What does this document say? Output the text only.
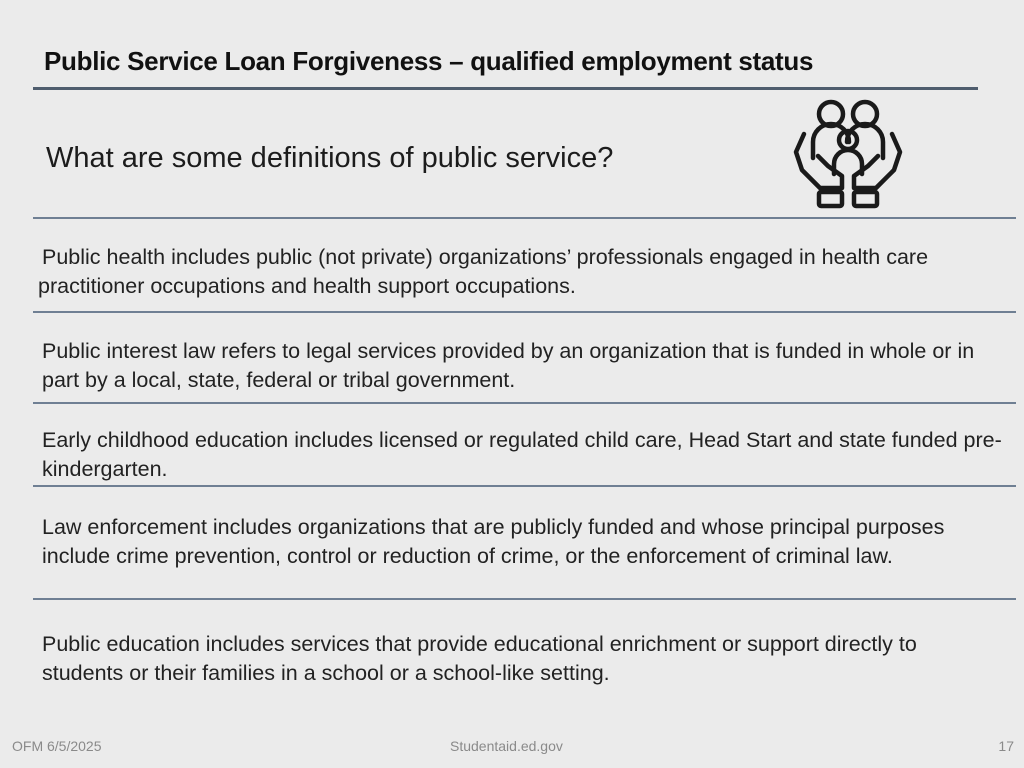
Public Service Loan Forgiveness – qualified employment status
What are some definitions of public service?
Public health includes public (not private) organizations’ professionals engaged in health care practitioner occupations and health support occupations.
Public interest law refers to legal services provided by an organization that is funded in whole or in part by a local, state, federal or tribal government.
Early childhood education includes licensed or regulated child care, Head Start and state funded pre-kindergarten.
Law enforcement includes organizations that are publicly funded and whose principal purposes include crime prevention, control or reduction of crime, or the enforcement of criminal law.
Public education includes services that provide educational enrichment or support directly to students or their families in a school or a school-like setting.
OFM 6/5/2025	Studentaid.ed.gov	17
